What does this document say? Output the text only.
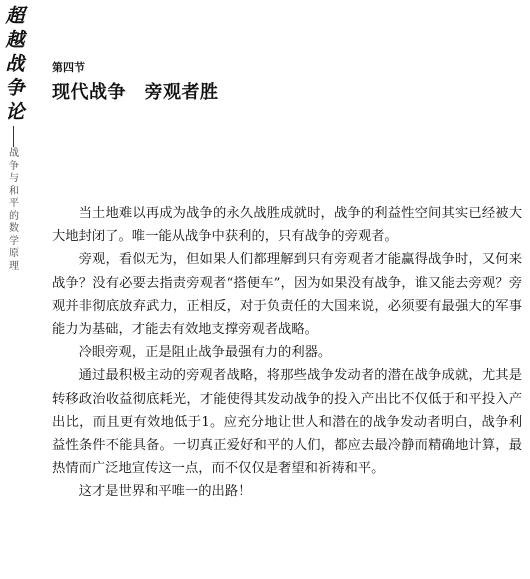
超
越
战
争
论
战争与和平的数学原理
第四节
现代战争　旁观者胜

当土地难以再成为战争的永久战胜成就时，战争的利益性空间其实已经被大大地封闭了。唯一能从战争中获利的，只有战争的旁观者。

旁观，看似无为，但如果人们都理解到只有旁观者才能赢得战争时，又何来战争？没有必要去指责旁观者“搭便车”，因为如果没有战争，谁又能去旁观？旁观并非彻底放弃武力，正相反，对于负责任的大国来说，必须要有最强大的军事能力为基础，才能去有效地支撑旁观者战略。

冷眼旁观，正是阻止战争最强有力的利器。

通过最积极主动的旁观者战略，将那些战争发动者的潜在战争成就，尤其是转移政治收益彻底耗光，才能使得其发动战争的投入产出比不仅低于和平投入产出比，而且更有效地低于1。应充分地让世人和潜在的战争发动者明白，战争利益性条件不能具备。一切真正爱好和平的人们，都应去最冷静而精确地计算，最热情而广泛地宣传这一点，而不仅仅是奢望和祈祷和平。

这才是世界和平唯一的出路！
